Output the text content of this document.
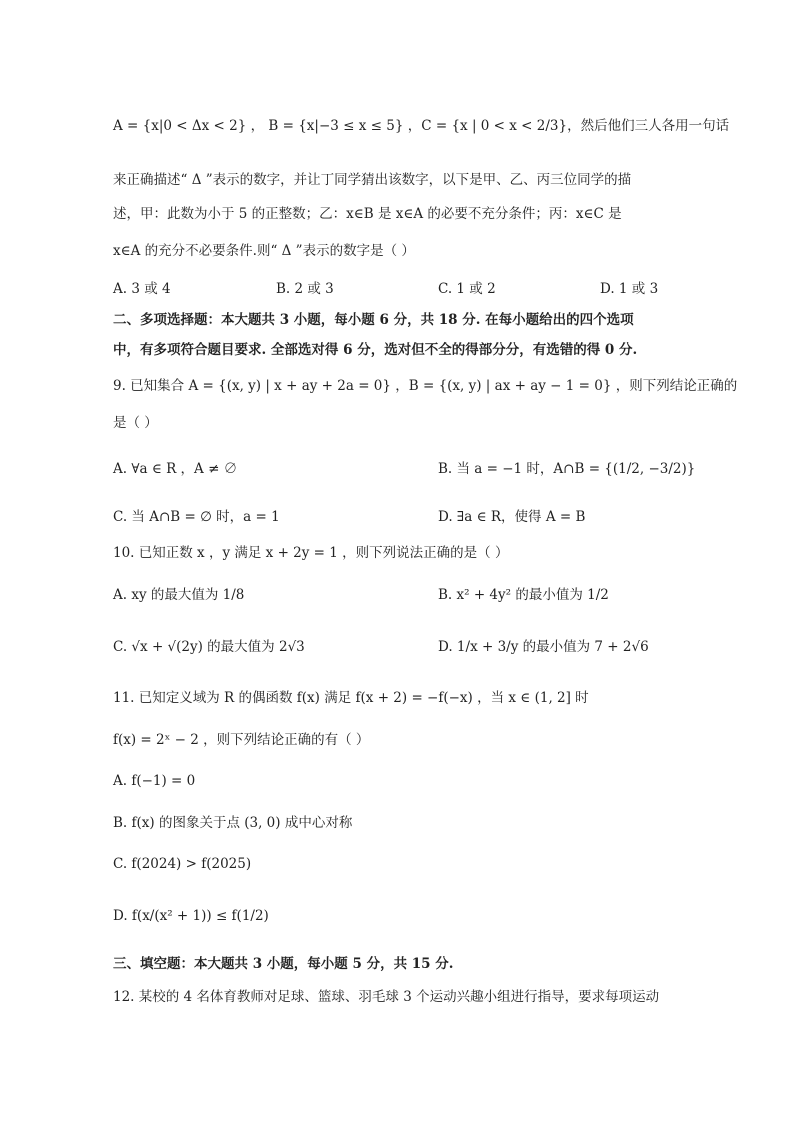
A = {x|0 < Δx < 2} ， B = {x|−3 ≤ x ≤ 5} ，C = {x | 0 < x < 2/3}，然后他们三人各用一句话
来正确描述“ Δ ”表示的数字，并让丁同学猜出该数字，以下是甲、乙、丙三位同学的描
述，甲：此数为小于 5 的正整数；乙：x∈B 是 x∈A 的必要不充分条件；丙：x∈C 是
x∈A 的充分不必要条件.则“ Δ ”表示的数字是（ ）
A. 3 或 4	B. 2 或 3	C. 1 或 2	D. 1 或 3
二、多项选择题：本大题共 3 小题，每小题 6 分，共 18 分. 在每小题给出的四个选项
中，有多项符合题目要求. 全部选对得 6 分，选对但不全的得部分分，有选错的得 0 分.
9. 已知集合 A = {(x, y) | x + ay + 2a = 0} ，B = {(x, y) | ax + ay − 1 = 0} ，则下列结论正确的
是（ ）
A. ∀a ∈ R ，A ≠ ∅	B. 当 a = −1 时，A∩B = {(1/2, −3/2)}
C. 当 A∩B = ∅ 时，a = 1	D. ∃a ∈ R，使得 A = B
10. 已知正数 x ，y 满足 x + 2y = 1 ，则下列说法正确的是（ ）
A. xy 的最大值为 1/8	B. x² + 4y² 的最小值为 1/2
C. √x + √(2y) 的最大值为 2√3	D. 1/x + 3/y 的最小值为 7 + 2√6
11. 已知定义域为 R 的偶函数 f(x) 满足 f(x + 2) = −f(−x) ，当 x ∈ (1, 2] 时
f(x) = 2ˣ − 2 ，则下列结论正确的有（ ）
A. f(−1) = 0
B. f(x) 的图象关于点 (3, 0) 成中心对称
C. f(2024) > f(2025)
D. f(x/(x² + 1)) ≤ f(1/2)
三、填空题：本大题共 3 小题，每小题 5 分，共 15 分.
12. 某校的 4 名体育教师对足球、篮球、羽毛球 3 个运动兴趣小组进行指导，要求每项运动
